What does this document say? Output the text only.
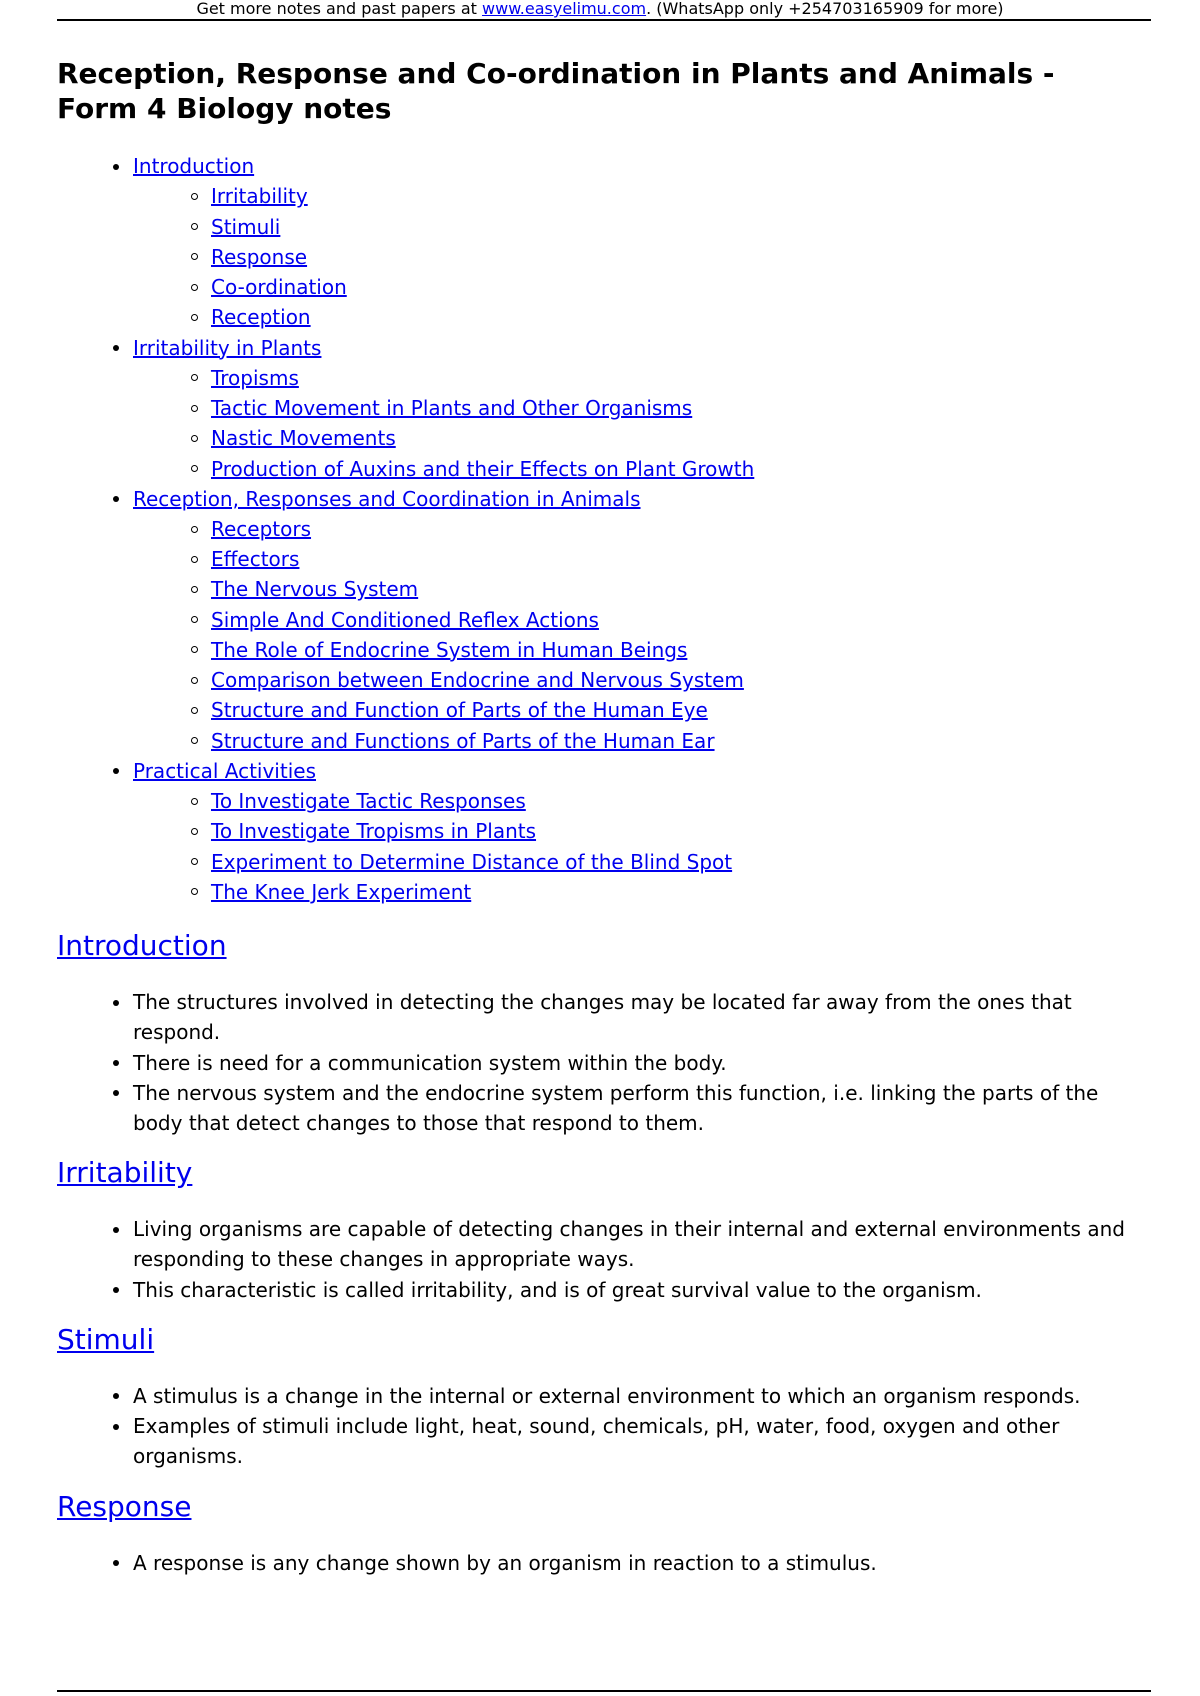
Get more notes and past papers at www.easyelimu.com. (WhatsApp only +254703165909 for more)
Reception, Response and Co-ordination in Plants and Animals - Form 4 Biology notes
Introduction
Irritability
Stimuli
Response
Co-ordination
Reception
Irritability in Plants
Tropisms
Tactic Movement in Plants and Other Organisms
Nastic Movements
Production of Auxins and their Effects on Plant Growth
Reception, Responses and Coordination in Animals
Receptors
Effectors
The Nervous System
Simple And Conditioned Reflex Actions
The Role of Endocrine System in Human Beings
Comparison between Endocrine and Nervous System
Structure and Function of Parts of the Human Eye
Structure and Functions of Parts of the Human Ear
Practical Activities
To Investigate Tactic Responses
To Investigate Tropisms in Plants
Experiment to Determine Distance of the Blind Spot
The Knee Jerk Experiment
Introduction
The structures involved in detecting the changes may be located far away from the ones that respond.
There is need for a communication system within the body.
The nervous system and the endocrine system perform this function, i.e. linking the parts of the body that detect changes to those that respond to them.
Irritability
Living organisms are capable of detecting changes in their internal and external environments and responding to these changes in appropriate ways.
This characteristic is called irritability, and is of great survival value to the organism.
Stimuli
A stimulus is a change in the internal or external environment to which an organism responds.
Examples of stimuli include light, heat, sound, chemicals, pH, water, food, oxygen and other organisms.
Response
A response is any change shown by an organism in reaction to a stimulus.
